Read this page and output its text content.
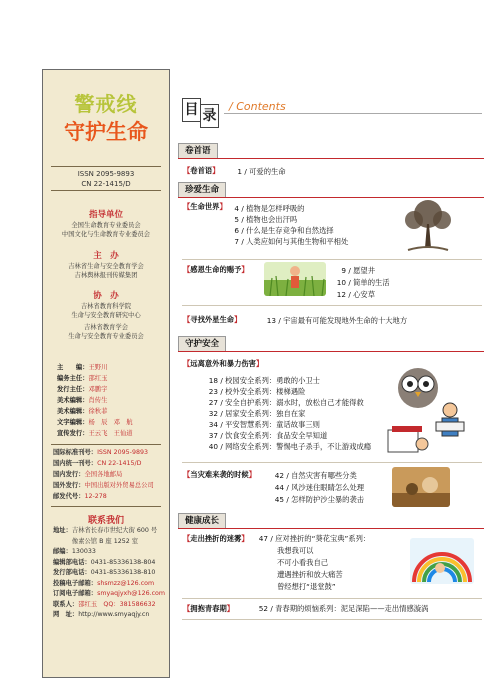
警戒线
守护生命
ISSN 2095-9893
CN 22-1415/D
指导单位
全国生命教育专业委员会
中国文化与生命教育专业委员会
主　办
吉林省生命与安全教育学会
吉林舆林报刊传媒集团
协　办
吉林省教育科学院
生命与安全教育研究中心
吉林省教育学会
生命与安全教育专业委员会
主　　编：王野川
编务主任：邵红玉
发行主任：邓鹏宇
美术编辑：肖传生
美术编辑：徐秋菲
文字编辑：杨　辰　邓　航
宣传发行：王云飞　王仙道
国际标准刊号：ISSN 2095-9893
国内统一刊号：CN 22-1415/D
国内发行：全国各地邮局
国外发行：中国出版对外贸易总公司
邮发代号：12-278
联系我们
地址：吉林省长春市世纪大街 600 号
　　　像素公馆 B 座 1252 室
邮编：130033
编辑部电话：0431-85336138-804
发行部电话：0431-85336138-810
投稿电子邮箱：shsmzz@126.com
订阅电子邮箱：smyaqjyxh@126.com
联系人：邵红玉　QQ：381586632
网　址：http://www.smyaqjy.cn
目 录
/ Contents
卷首语
【卷首语】	1 / 可爱的生命
珍爱生命
【生命世界】	4 / 植物是怎样呼吸的
5 / 植物也会出汗吗
6 / 什么是生存竞争和自然选择
7 / 人类应如何与其他生物和平相处
【感恩生命的赐予】	9 / 愿望井
10 / 简单的生活
12 / 心安草
【寻找外星生命】	13 / 宇宙最有可能发现地外生命的十大地方
守护安全
【远离意外和暴力伤害】
18 / 校园安全系列：勇敢的小卫士
23 / 校外安全系列：楼梯遇险
27 / 安全自护系列：溺水时，放松自己才能得救
32 / 居家安全系列：独自在家
34 / 平安智慧系列：童话故事三则
37 / 饮食安全系列：食品安全早知道
40 / 网络安全系列：警惕电子杀手，不让游戏成瘾
【当灾难来袭的时候】	42 / 自然灾害有哪些分类
44 / 风沙迷住眼睛怎么处理
45 / 怎样防护沙尘暴的袭击
健康成长
【走出挫折的迷雾】	47 / 应对挫折的“葵花宝典”系列：
我想我可以
不可小看我自己
遭遇挫折和放大痛苦
曾经想打“退堂鼓”
【拥抱青春期】	52 / 青春期的烦恼系列：泥足深陷——走出情感漩涡
